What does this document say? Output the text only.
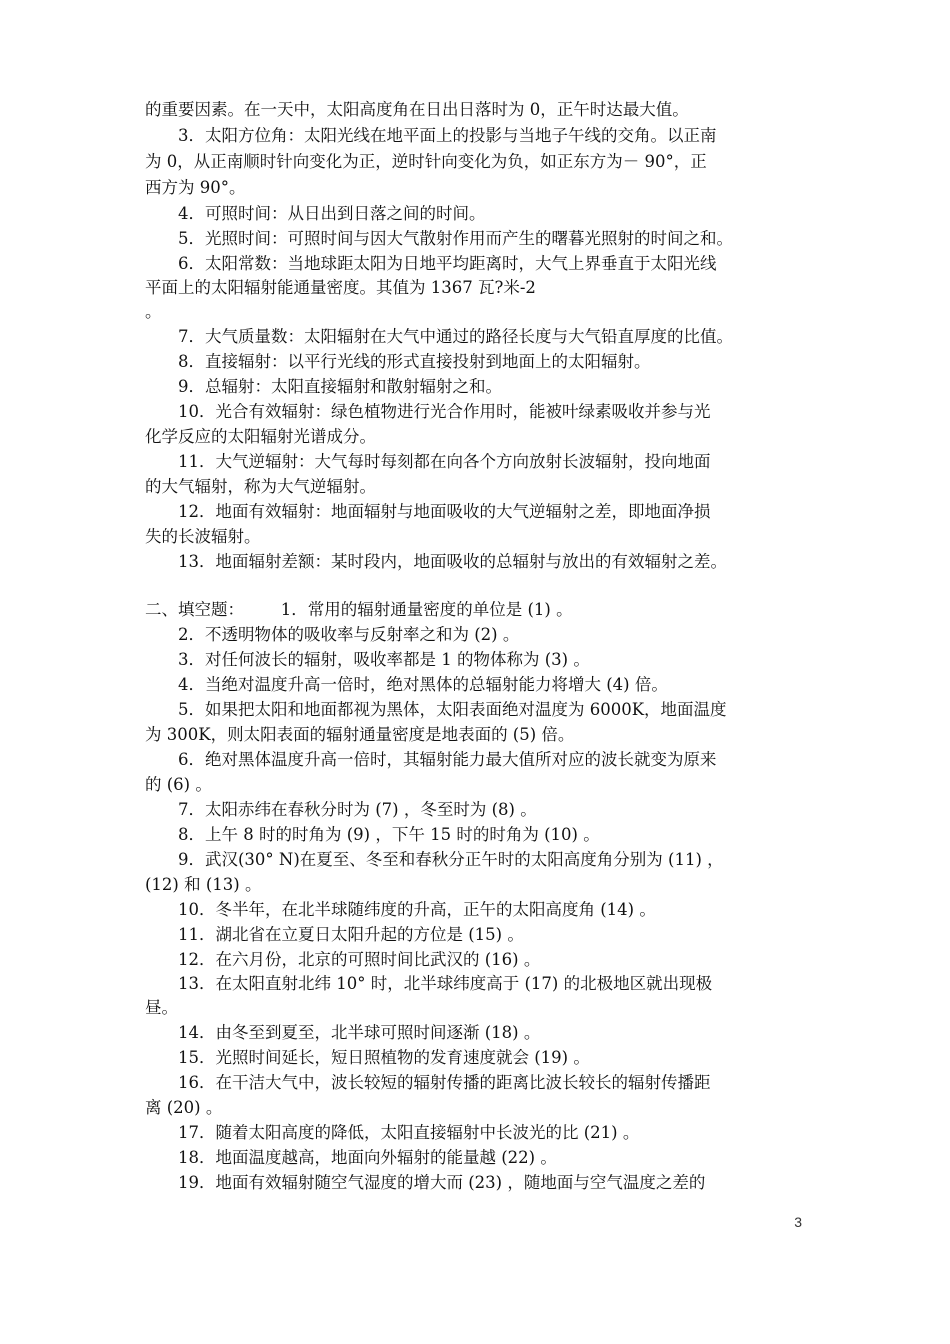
的重要因素。在一天中，太阳高度角在日出日落时为 0，正午时达最大值。
3．太阳方位角：太阳光线在地平面上的投影与当地子午线的交角。以正南
为 0，从正南顺时针向变化为正，逆时针向变化为负，如正东方为－ 90°，正
西方为 90°。
4．可照时间：从日出到日落之间的时间。
5．光照时间：可照时间与因大气散射作用而产生的曙暮光照射的时间之和。
6．太阳常数：当地球距太阳为日地平均距离时，大气上界垂直于太阳光线
平面上的太阳辐射能通量密度。其值为 1367 瓦?米-2
。
7．大气质量数：太阳辐射在大气中通过的路径长度与大气铅直厚度的比值。
8．直接辐射：以平行光线的形式直接投射到地面上的太阳辐射。
9．总辐射：太阳直接辐射和散射辐射之和。
10．光合有效辐射：绿色植物进行光合作用时，能被叶绿素吸收并参与光
化学反应的太阳辐射光谱成分。
11．大气逆辐射：大气每时每刻都在向各个方向放射长波辐射，投向地面
的大气辐射，称为大气逆辐射。
12．地面有效辐射：地面辐射与地面吸收的大气逆辐射之差，即地面净损
失的长波辐射。
13．地面辐射差额：某时段内，地面吸收的总辐射与放出的有效辐射之差。
二、填空题：       1．常用的辐射通量密度的单位是 (1) 。
2．不透明物体的吸收率与反射率之和为 (2) 。
3．对任何波长的辐射，吸收率都是 1 的物体称为 (3) 。
4．当绝对温度升高一倍时，绝对黑体的总辐射能力将增大 (4) 倍。
5．如果把太阳和地面都视为黑体，太阳表面绝对温度为 6000K，地面温度
为 300K，则太阳表面的辐射通量密度是地表面的 (5) 倍。
6．绝对黑体温度升高一倍时，其辐射能力最大值所对应的波长就变为原来
的 (6) 。
7．太阳赤纬在春秋分时为 (7) ，冬至时为 (8) 。
8．上午 8 时的时角为 (9) ，下午 15 时的时角为 (10) 。
9．武汉(30° N)在夏至、冬至和春秋分正午时的太阳高度角分别为 (11) ，
(12) 和 (13) 。
10．冬半年，在北半球随纬度的升高，正午的太阳高度角 (14) 。
11．湖北省在立夏日太阳升起的方位是 (15) 。
12．在六月份，北京的可照时间比武汉的 (16) 。
13．在太阳直射北纬 10° 时，北半球纬度高于 (17) 的北极地区就出现极
昼。
14．由冬至到夏至，北半球可照时间逐渐 (18) 。
15．光照时间延长，短日照植物的发育速度就会 (19) 。
16．在干洁大气中，波长较短的辐射传播的距离比波长较长的辐射传播距
离 (20) 。
17．随着太阳高度的降低，太阳直接辐射中长波光的比 (21) 。
18．地面温度越高，地面向外辐射的能量越 (22) 。
19．地面有效辐射随空气湿度的增大而 (23) ，随地面与空气温度之差的
3
